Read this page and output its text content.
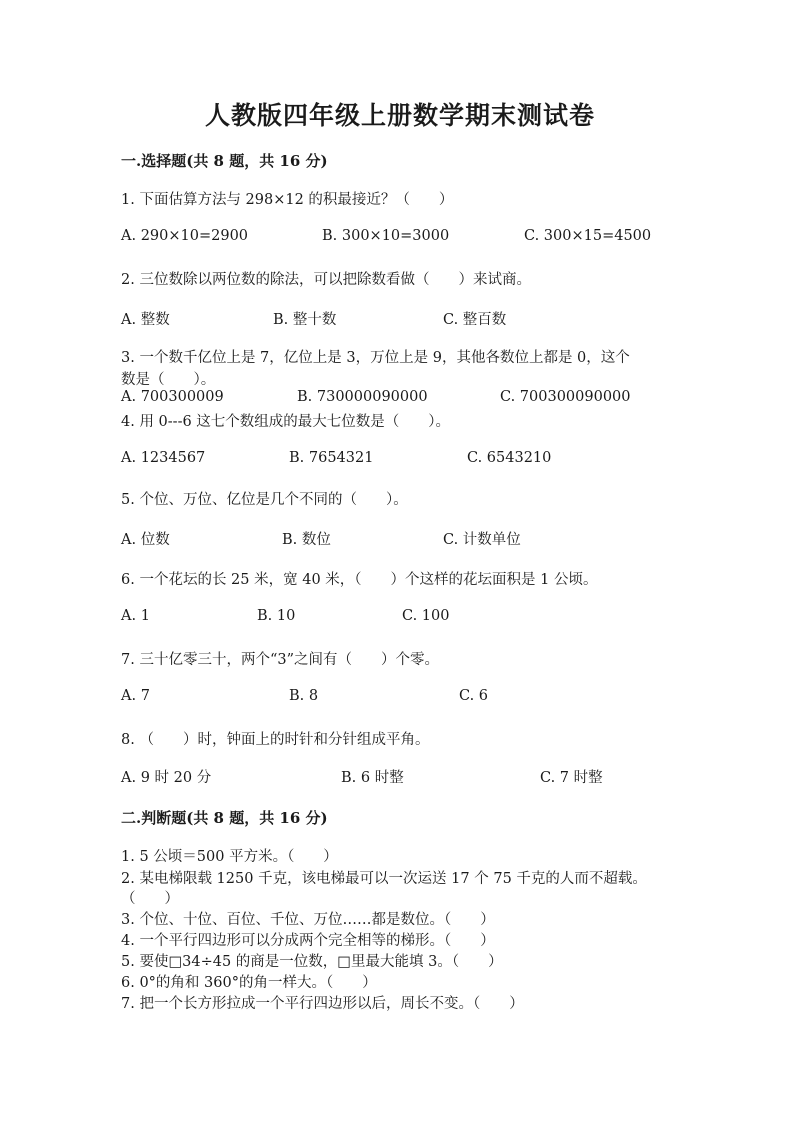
人教版四年级上册数学期末测试卷
一.选择题(共 8 题，共 16 分)
1. 下面估算方法与 298×12 的积最接近？（　　）
A. 290×10=2900	B. 300×10=3000	C. 300×15=4500
2. 三位数除以两位数的除法，可以把除数看做（　　）来试商。
A. 整数	B. 整十数	C. 整百数
3. 一个数千亿位上是 7，亿位上是 3，万位上是 9，其他各数位上都是 0，这个
数是（　　）。
A. 700300009	B. 730000090000	C. 700300090000
4. 用 0---6 这七个数组成的最大七位数是（　　）。
A. 1234567	B. 7654321	C. 6543210
5. 个位、万位、亿位是几个不同的（　　）。
A. 位数	B. 数位	C. 计数单位
6. 一个花坛的长 25 米，宽 40 米，（　　）个这样的花坛面积是 1 公顷。
A. 1	B. 10	C. 100
7. 三十亿零三十，两个“3”之间有（　　）个零。
A. 7	B. 8	C. 6
8. （　　）时，钟面上的时针和分针组成平角。
A. 9 时 20 分	B. 6 时整	C. 7 时整
二.判断题(共 8 题，共 16 分)
1. 5 公顷＝500 平方米。（　　）
2. 某电梯限载 1250 千克，该电梯最可以一次运送 17 个 75 千克的人而不超载。
（　　）
3. 个位、十位、百位、千位、万位……都是数位。（　　）
4. 一个平行四边形可以分成两个完全相等的梯形。（　　）
5. 要使□34÷45 的商是一位数，□里最大能填 3。（　　）
6. 0°的角和 360°的角一样大。（　　）
7. 把一个长方形拉成一个平行四边形以后，周长不变。（　　）
